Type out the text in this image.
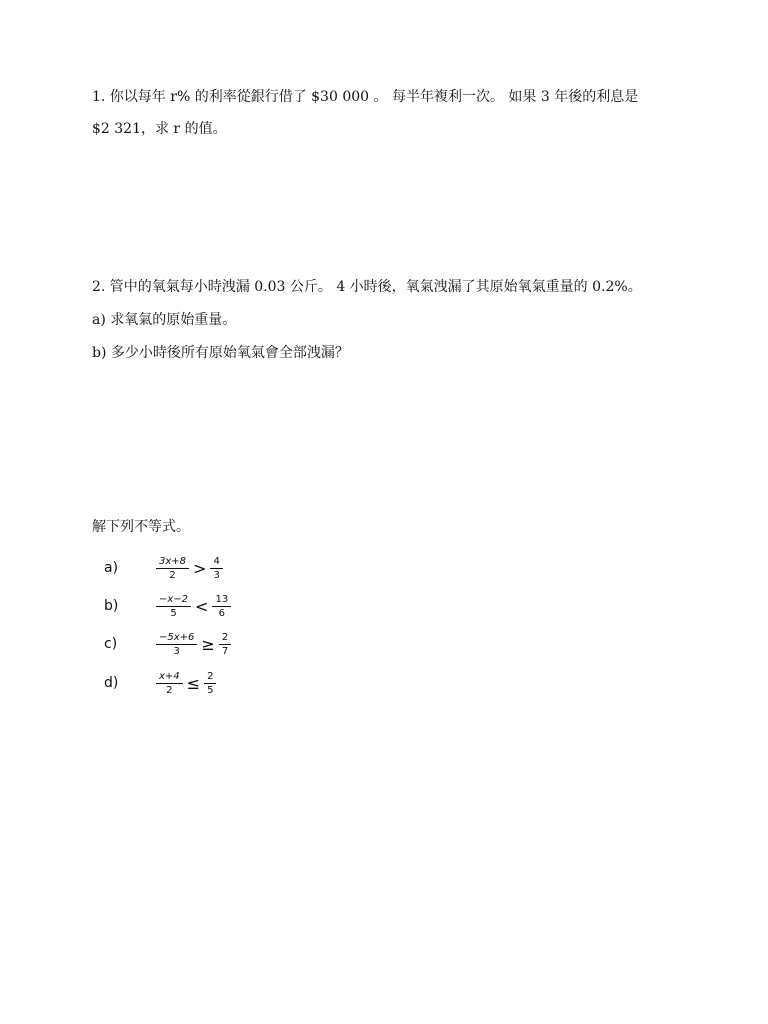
1. 你以每年 r% 的利率從銀行借了 $30 000 。 每半年複利一次。 如果 3 年後的利息是
$2 321，求 r 的值。
2. 管中的氧氣每小時洩漏 0.03 公斤。 4 小時後，氧氣洩漏了其原始氧氣重量的 0.2%。
a) 求氧氣的原始重量。
b) 多少小時後所有原始氧氣會全部洩漏？
解下列不等式。
a)	$\frac{3x+8}{2} > \frac{4}{3}$
b)	$\frac{-x-2}{5} < \frac{13}{6}$
c)	$\frac{-5x+6}{3} \ge \frac{2}{7}$
d)	$\frac{x+4}{2} \le \frac{2}{5}$
